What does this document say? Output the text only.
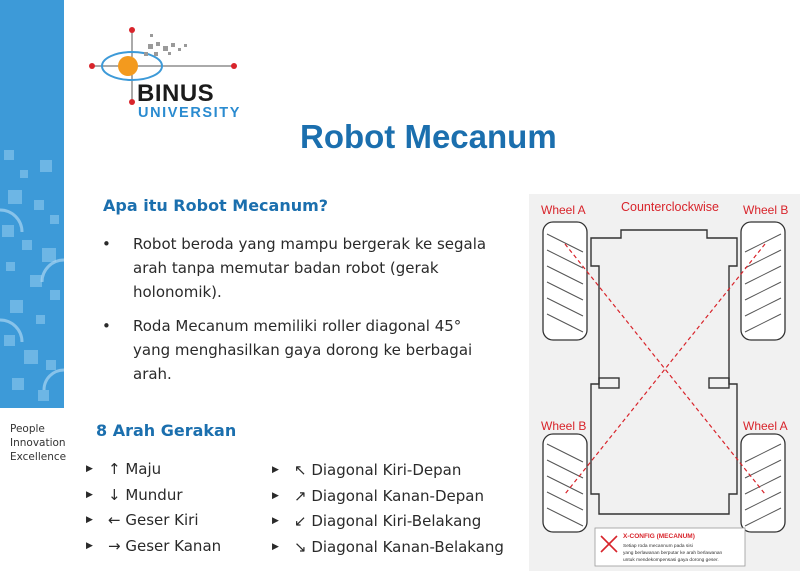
People
Innovation
Excellence
BINUS
UNIVERSITY
Robot Mecanum
Apa itu Robot Mecanum?
• Robot beroda yang mampu bergerak ke segala arah tanpa memutar badan robot (gerak holonomik).
• Roda Mecanum memiliki roller diagonal 45° yang menghasilkan gaya dorong ke berbagai arah.
8 Arah Gerakan
▶ ↑ Maju
▶ ↓ Mundur
▶ ← Geser Kiri
▶ → Geser Kanan
▶ ↖ Diagonal Kiri-Depan
▶ ↗ Diagonal Kanan-Depan
▶ ↙ Diagonal Kiri-Belakang
▶ ↘ Diagonal Kanan-Belakang
Wheel A	Counterclockwise Wheel B
Wheel B	Wheel A
X-CONFIG (MECANUM)
Setiap roda mecannum pada sisi
yang berlawanan berputar ke arah berlawanan
untuk mendekompensasi gaya dorong geser.
